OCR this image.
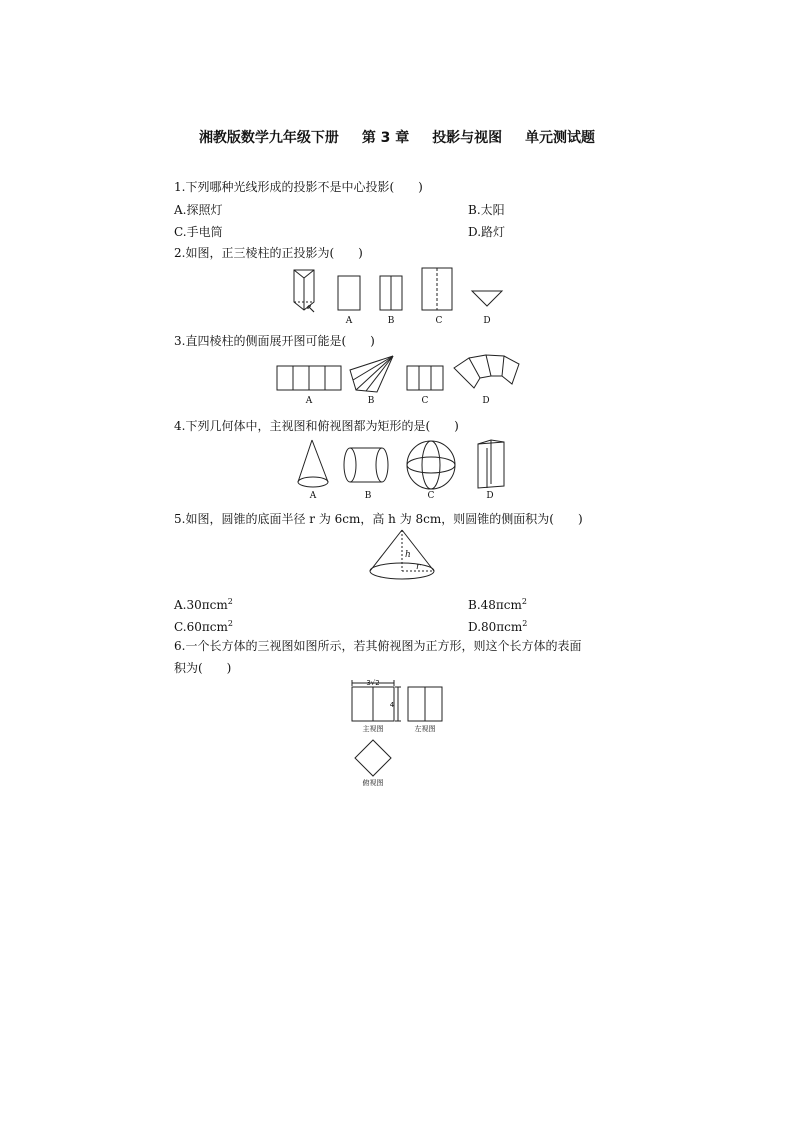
湘教版数学九年级下册 第 3 章 投影与视图 单元测试题
1.下列哪种光线形成的投影不是中心投影(　　)
A.探照灯	B.太阳
C.手电筒	D.路灯
2.如图，正三棱柱的正投影为(　　)
A	B	C	D
3.直四棱柱的侧面展开图可能是(　　)
A	B	C	D
4.下列几何体中，主视图和俯视图都为矩形的是(　　)
A	B	C	D
5.如图，圆锥的底面半径 r 为 6cm，高 h 为 8cm，则圆锥的侧面积为(　　)
h
r
A.30πcm$^2$	B.48πcm$^2$
C.60πcm$^2$	D.80πcm$^2$
6.一个长方体的三视图如图所示，若其俯视图为正方形，则这个长方体的表面
积为(　　)
3√2
4
主视图	左视图
俯视图
